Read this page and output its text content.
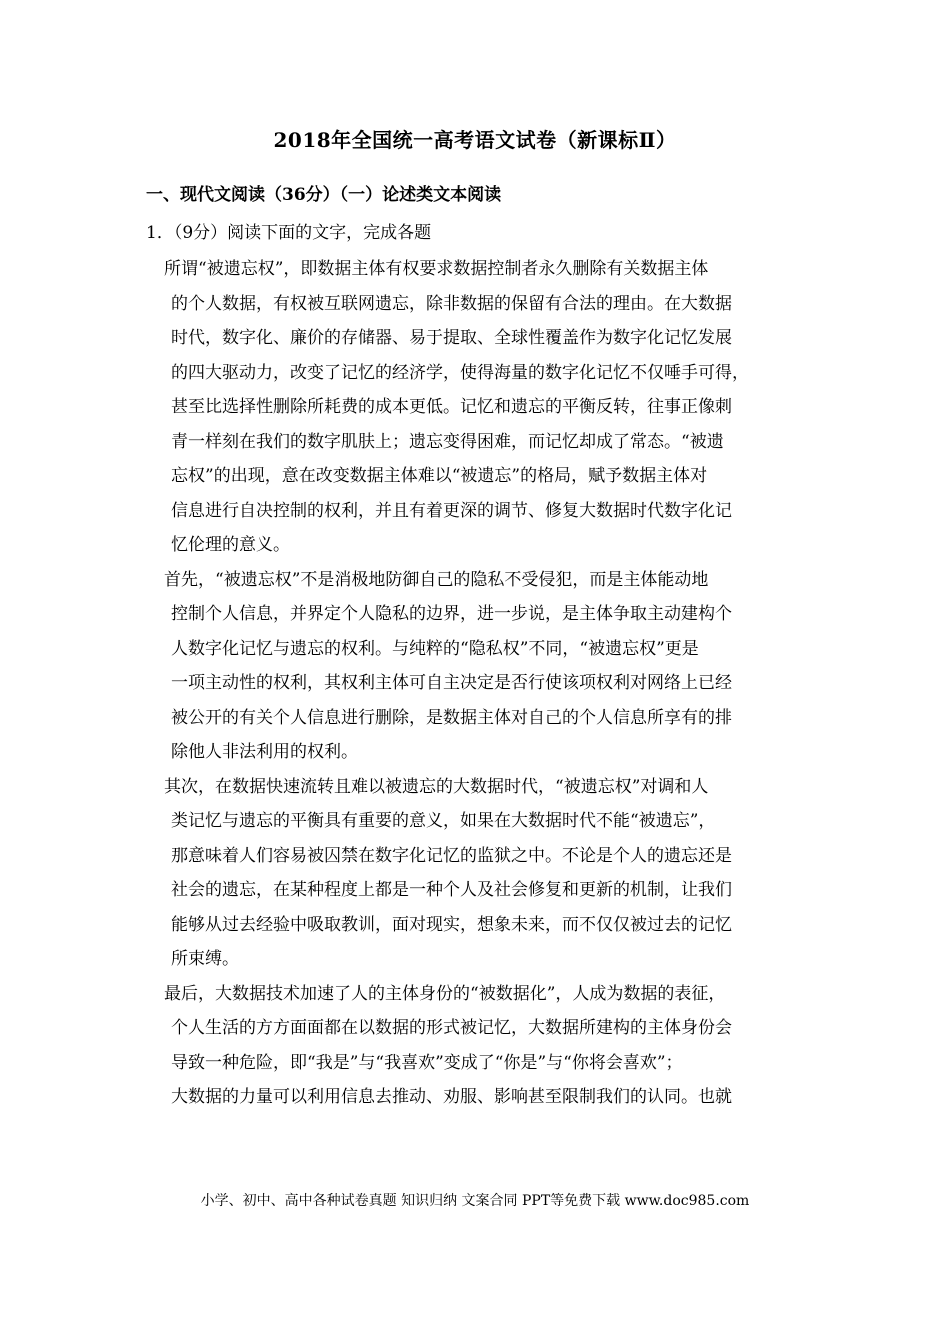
2018年全国统一高考语文试卷（新课标Ⅱ）
一、现代文阅读（36分）（一）论述类文本阅读
1．（9分）阅读下面的文字，完成各题
所谓“被遗忘权”，即数据主体有权要求数据控制者永久删除有关数据主体
的个人数据，有权被互联网遗忘，除非数据的保留有合法的理由。在大数据
时代，数字化、廉价的存储器、易于提取、全球性覆盖作为数字化记忆发展
的四大驱动力，改变了记忆的经济学，使得海量的数字化记忆不仅唾手可得，
甚至比选择性删除所耗费的成本更低。记忆和遗忘的平衡反转，往事正像刺
青一样刻在我们的数字肌肤上；遗忘变得困难，而记忆却成了常态。“被遗
忘权”的出现，意在改变数据主体难以“被遗忘”的格局，赋予数据主体对
信息进行自决控制的权利，并且有着更深的调节、修复大数据时代数字化记
忆伦理的意义。
首先，“被遗忘权”不是消极地防御自己的隐私不受侵犯，而是主体能动地
控制个人信息，并界定个人隐私的边界，进一步说，是主体争取主动建构个
人数字化记忆与遗忘的权利。与纯粹的“隐私权”不同，“被遗忘权”更是
一项主动性的权利，其权利主体可自主决定是否行使该项权利对网络上已经
被公开的有关个人信息进行删除，是数据主体对自己的个人信息所享有的排
除他人非法利用的权利。
其次，在数据快速流转且难以被遗忘的大数据时代，“被遗忘权”对调和人
类记忆与遗忘的平衡具有重要的意义，如果在大数据时代不能“被遗忘”，
那意味着人们容易被囚禁在数字化记忆的监狱之中。不论是个人的遗忘还是
社会的遗忘，在某种程度上都是一种个人及社会修复和更新的机制，让我们
能够从过去经验中吸取教训，面对现实，想象未来，而不仅仅被过去的记忆
所束缚。
最后，大数据技术加速了人的主体身份的“被数据化”，人成为数据的表征，
个人生活的方方面面都在以数据的形式被记忆，大数据所建构的主体身份会
导致一种危险，即“我是”与“我喜欢”变成了“你是”与“你将会喜欢”；
大数据的力量可以利用信息去推动、劝服、影响甚至限制我们的认同。也就
小学、初中、高中各种试卷真题 知识归纳 文案合同 PPT等免费下载 www.doc985.com
